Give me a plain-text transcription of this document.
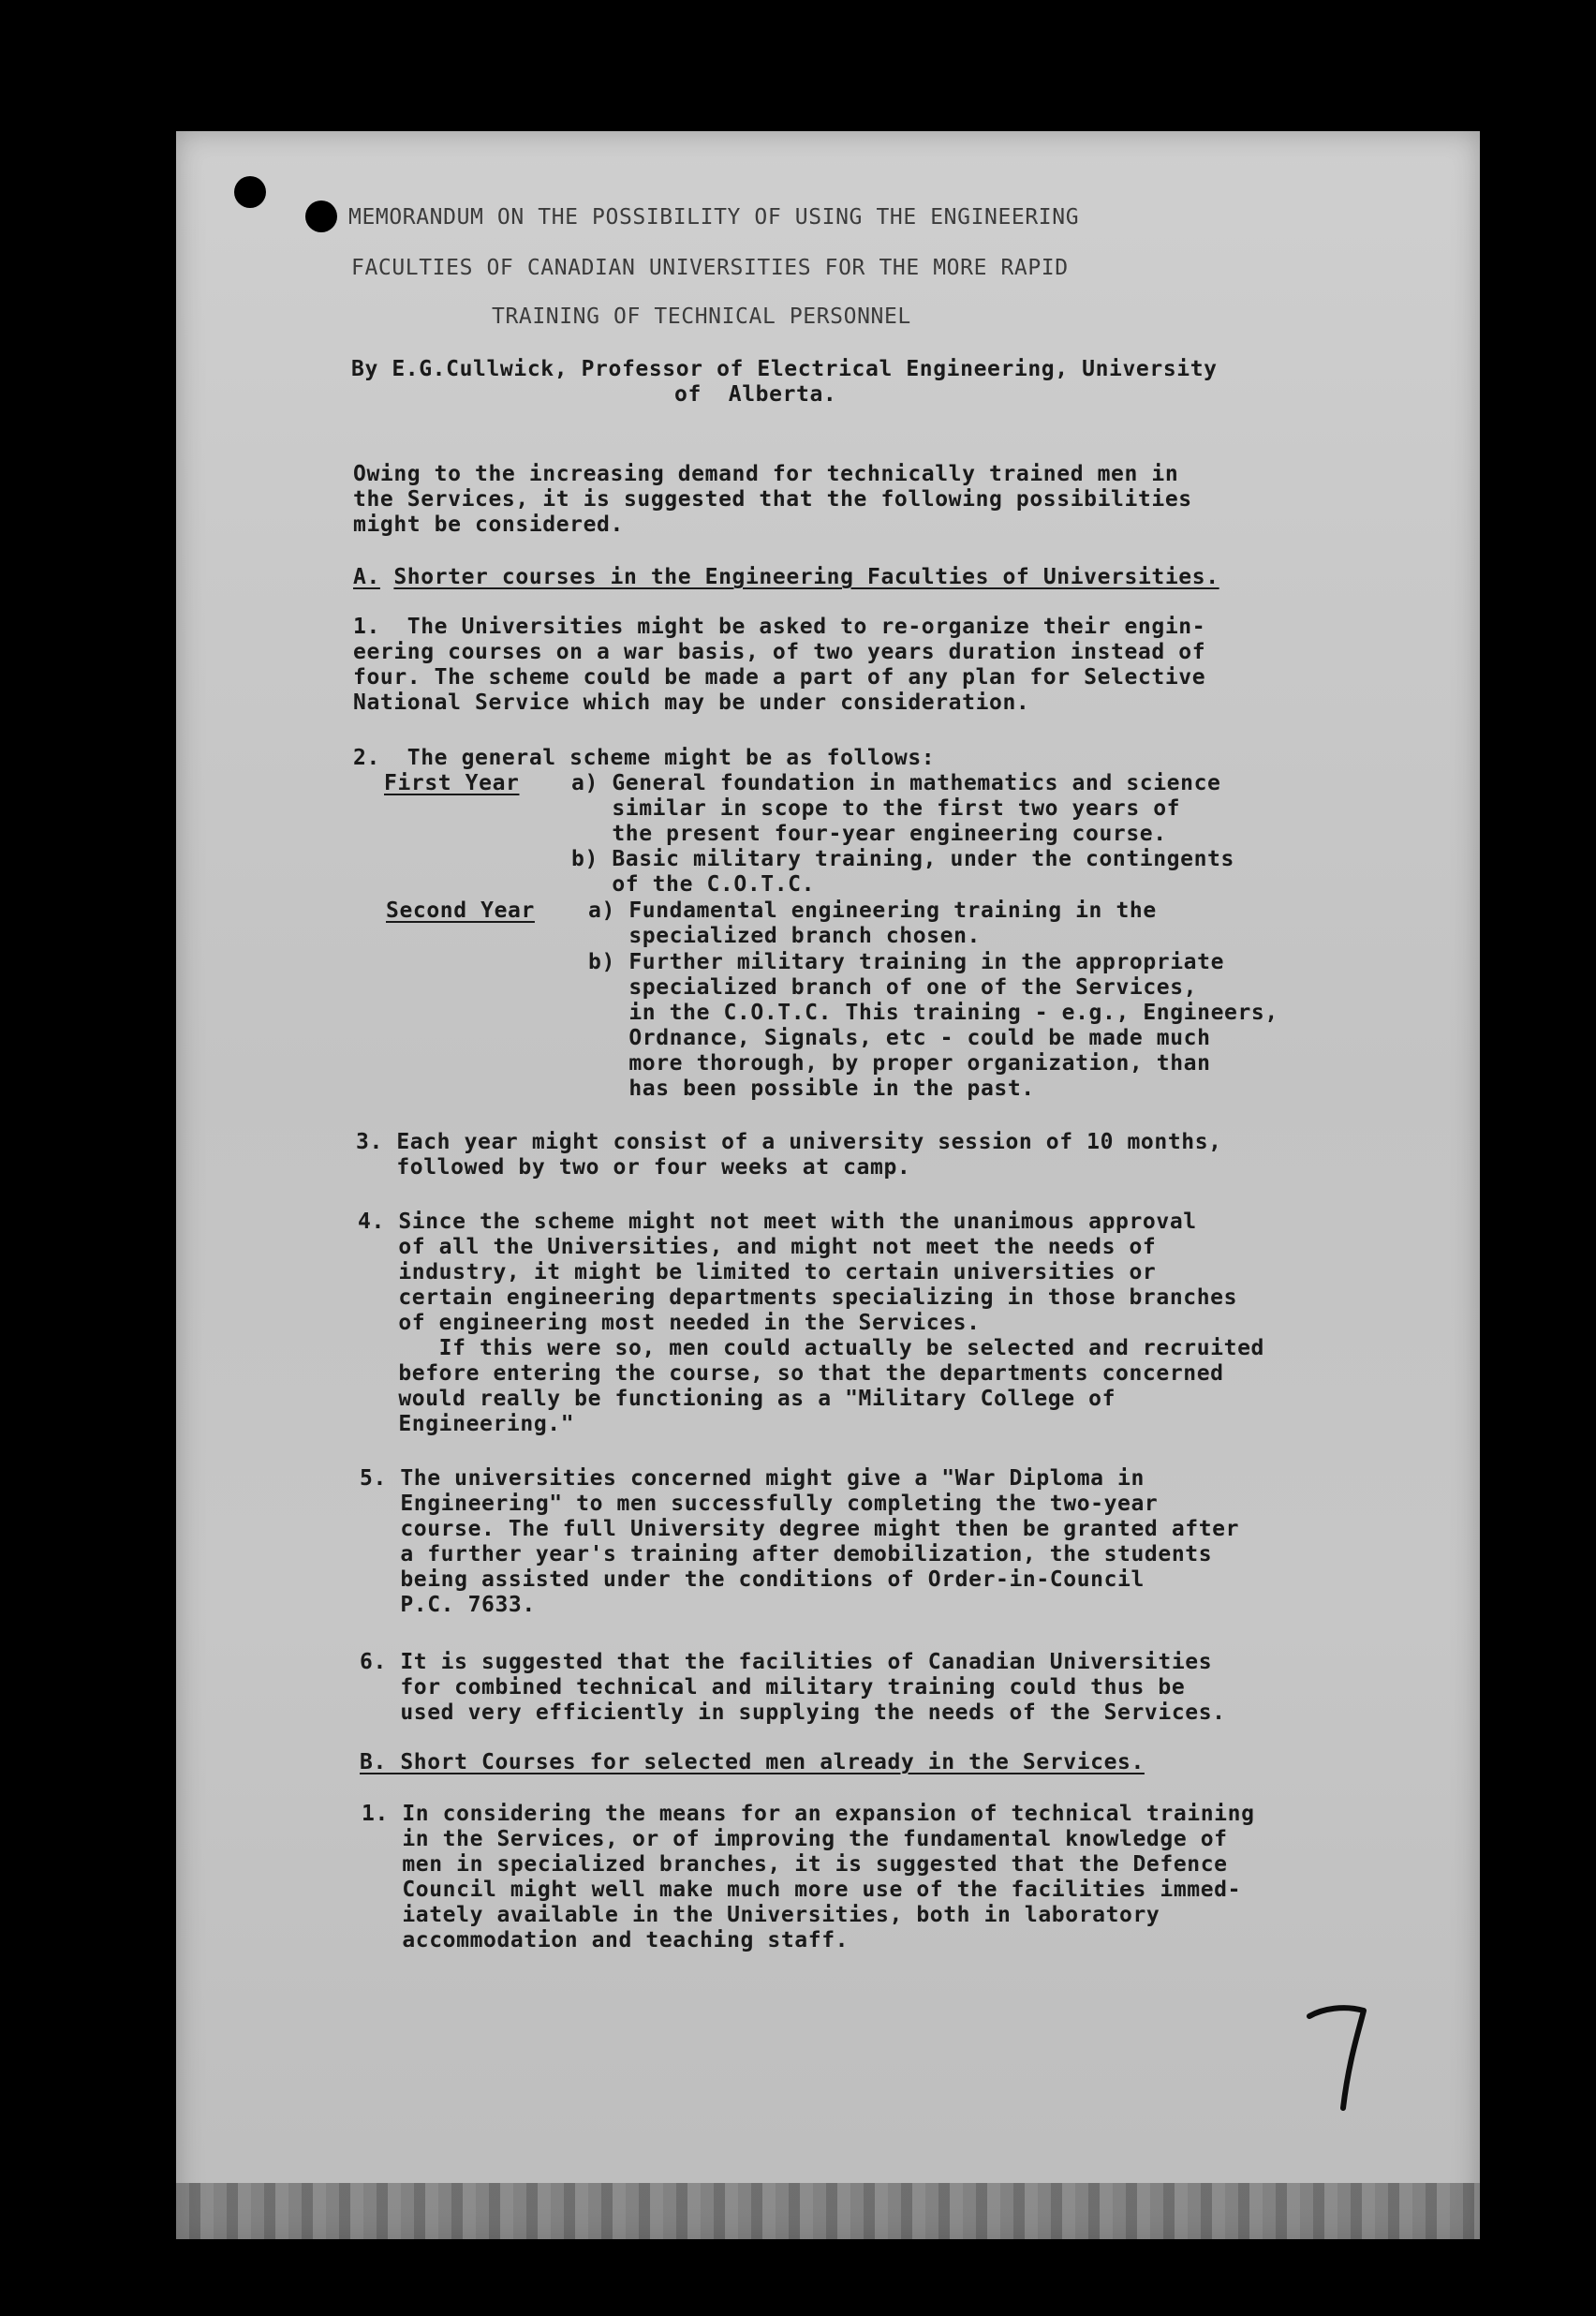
MEMORANDUM ON THE POSSIBILITY OF USING THE ENGINEERING
FACULTIES OF CANADIAN UNIVERSITIES FOR THE MORE RAPID
TRAINING OF TECHNICAL PERSONNEL
By E.G.Cullwick, Professor of Electrical Engineering, University
of  Alberta.
Owing to the increasing demand for technically trained men in
the Services, it is suggested that the following possibilities
might be considered.
A. Shorter courses in the Engineering Faculties of Universities.
1.  The Universities might be asked to re-organize their engin-
eering courses on a war basis, of two years duration instead of
four. The scheme could be made a part of any plan for Selective
National Service which may be under consideration.
2.  The general scheme might be as follows:
First Year a) General foundation in mathematics and science
similar in scope to the first two years of
the present four-year engineering course.
b) Basic military training, under the contingents
of the C.O.T.C.
Second Year a) Fundamental engineering training in the
specialized branch chosen.
b) Further military training in the appropriate
specialized branch of one of the Services,
in the C.O.T.C. This training - e.g., Engineers,
Ordnance, Signals, etc - could be made much
more thorough, by proper organization, than
has been possible in the past.
3. Each year might consist of a university session of 10 months,
followed by two or four weeks at camp.
4. Since the scheme might not meet with the unanimous approval
of all the Universities, and might not meet the needs of
industry, it might be limited to certain universities or
certain engineering departments specializing in those branches
of engineering most needed in the Services.
If this were so, men could actually be selected and recruited
before entering the course, so that the departments concerned
would really be functioning as a "Military College of
Engineering."
5. The universities concerned might give a "War Diploma in
Engineering" to men successfully completing the two-year
course. The full University degree might then be granted after
a further year's training after demobilization, the students
being assisted under the conditions of Order-in-Council
P.C. 7633.
6. It is suggested that the facilities of Canadian Universities
for combined technical and military training could thus be
used very efficiently in supplying the needs of the Services.
B. Short Courses for selected men already in the Services.
1. In considering the means for an expansion of technical training
in the Services, or of improving the fundamental knowledge of
men in specialized branches, it is suggested that the Defence
Council might well make much more use of the facilities immed-
iately available in the Universities, both in laboratory
accommodation and teaching staff.
